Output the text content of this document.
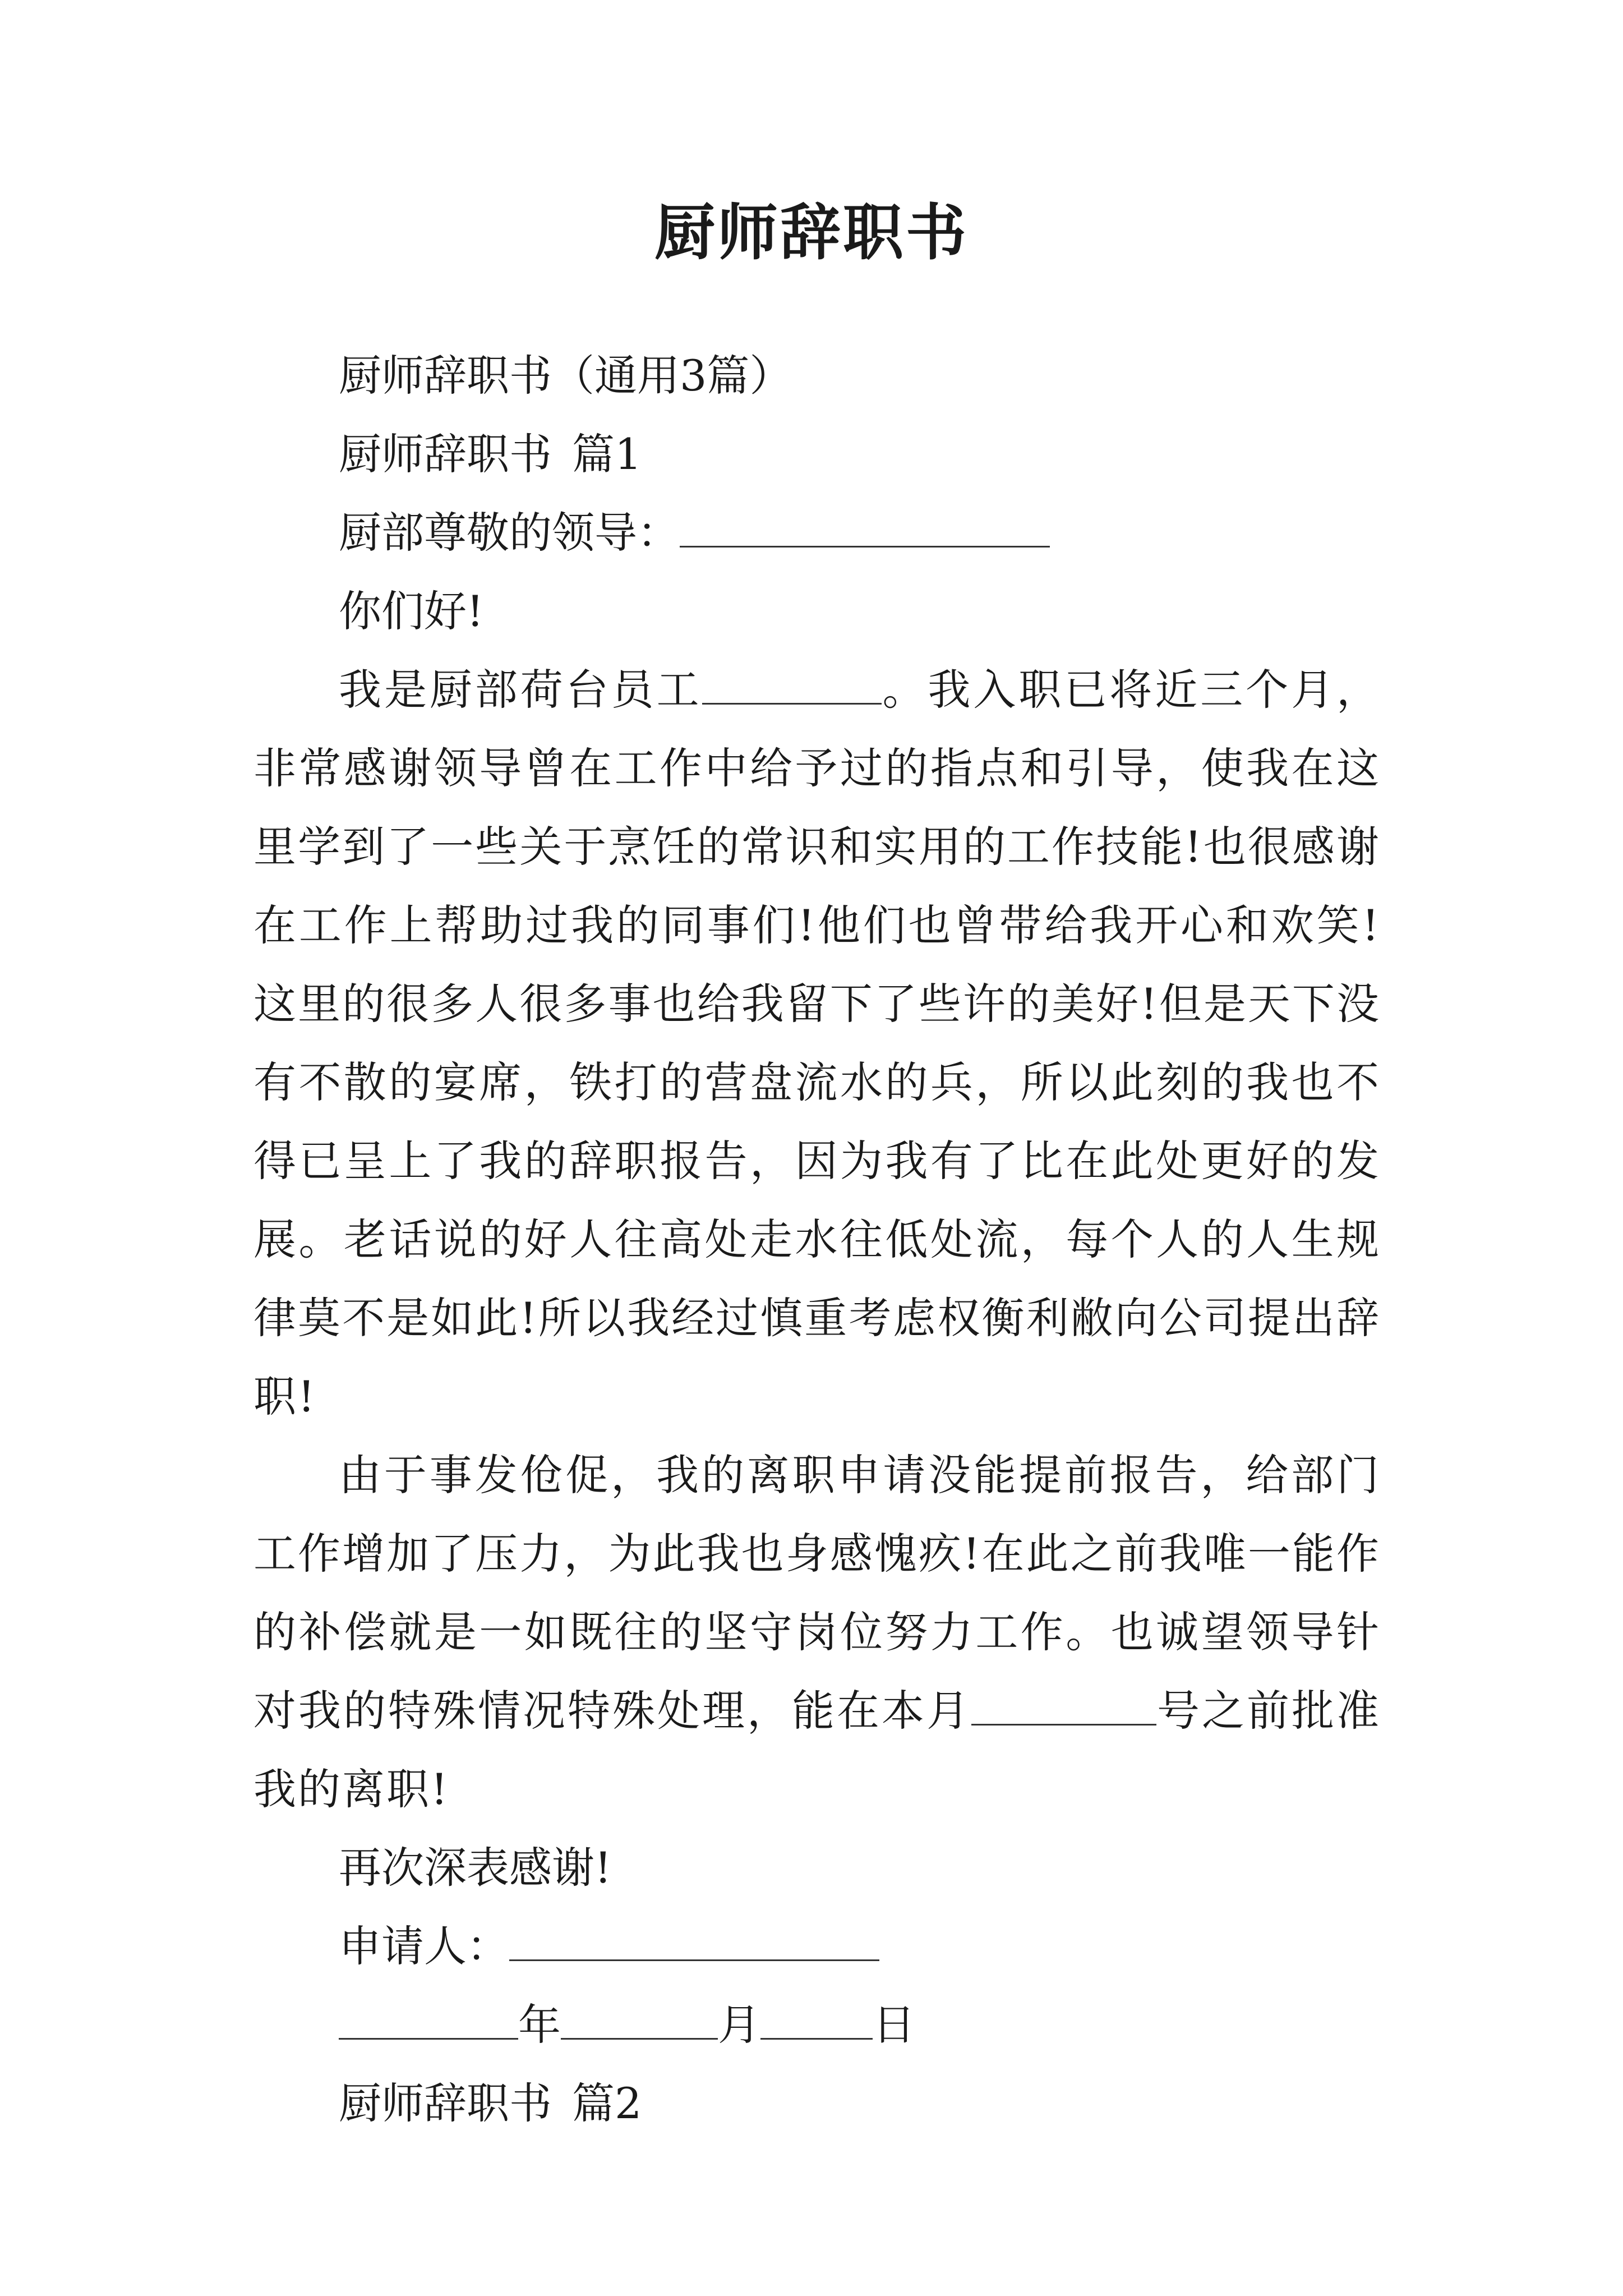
厨师辞职书
厨师辞职书（通用3篇）
厨师辞职书 篇1
厨部尊敬的领导：
你们好!

我是厨部荷台员工	。我入职已将近三个月，非常感谢领导曾在工作中给予过的指点和引导，使我在这里学到了一些关于烹饪的常识和实用的工作技能!也很感谢在工作上帮助过我的同事们!他们也曾带给我开心和欢笑!这里的很多人很多事也给我留下了些许的美好!但是天下没有不散的宴席，铁打的营盘流水的兵，所以此刻的我也不得已呈上了我的辞职报告，因为我有了比在此处更好的发展。老话说的好人往高处走水往低处流，每个人的人生规律莫不是如此!所以我经过慎重考虑权衡利敝向公司提出辞职!

由于事发伧促，我的离职申请没能提前报告，给部门工作增加了压力，为此我也身感愧疚!在此之前我唯一能作的补偿就是一如既往的坚守岗位努力工作。也诚望领导针对我的特殊情况特殊处理，能在本月	号之前批准我的离职!

再次深表感谢!
申请人：
年	月	日
厨师辞职书 篇2
